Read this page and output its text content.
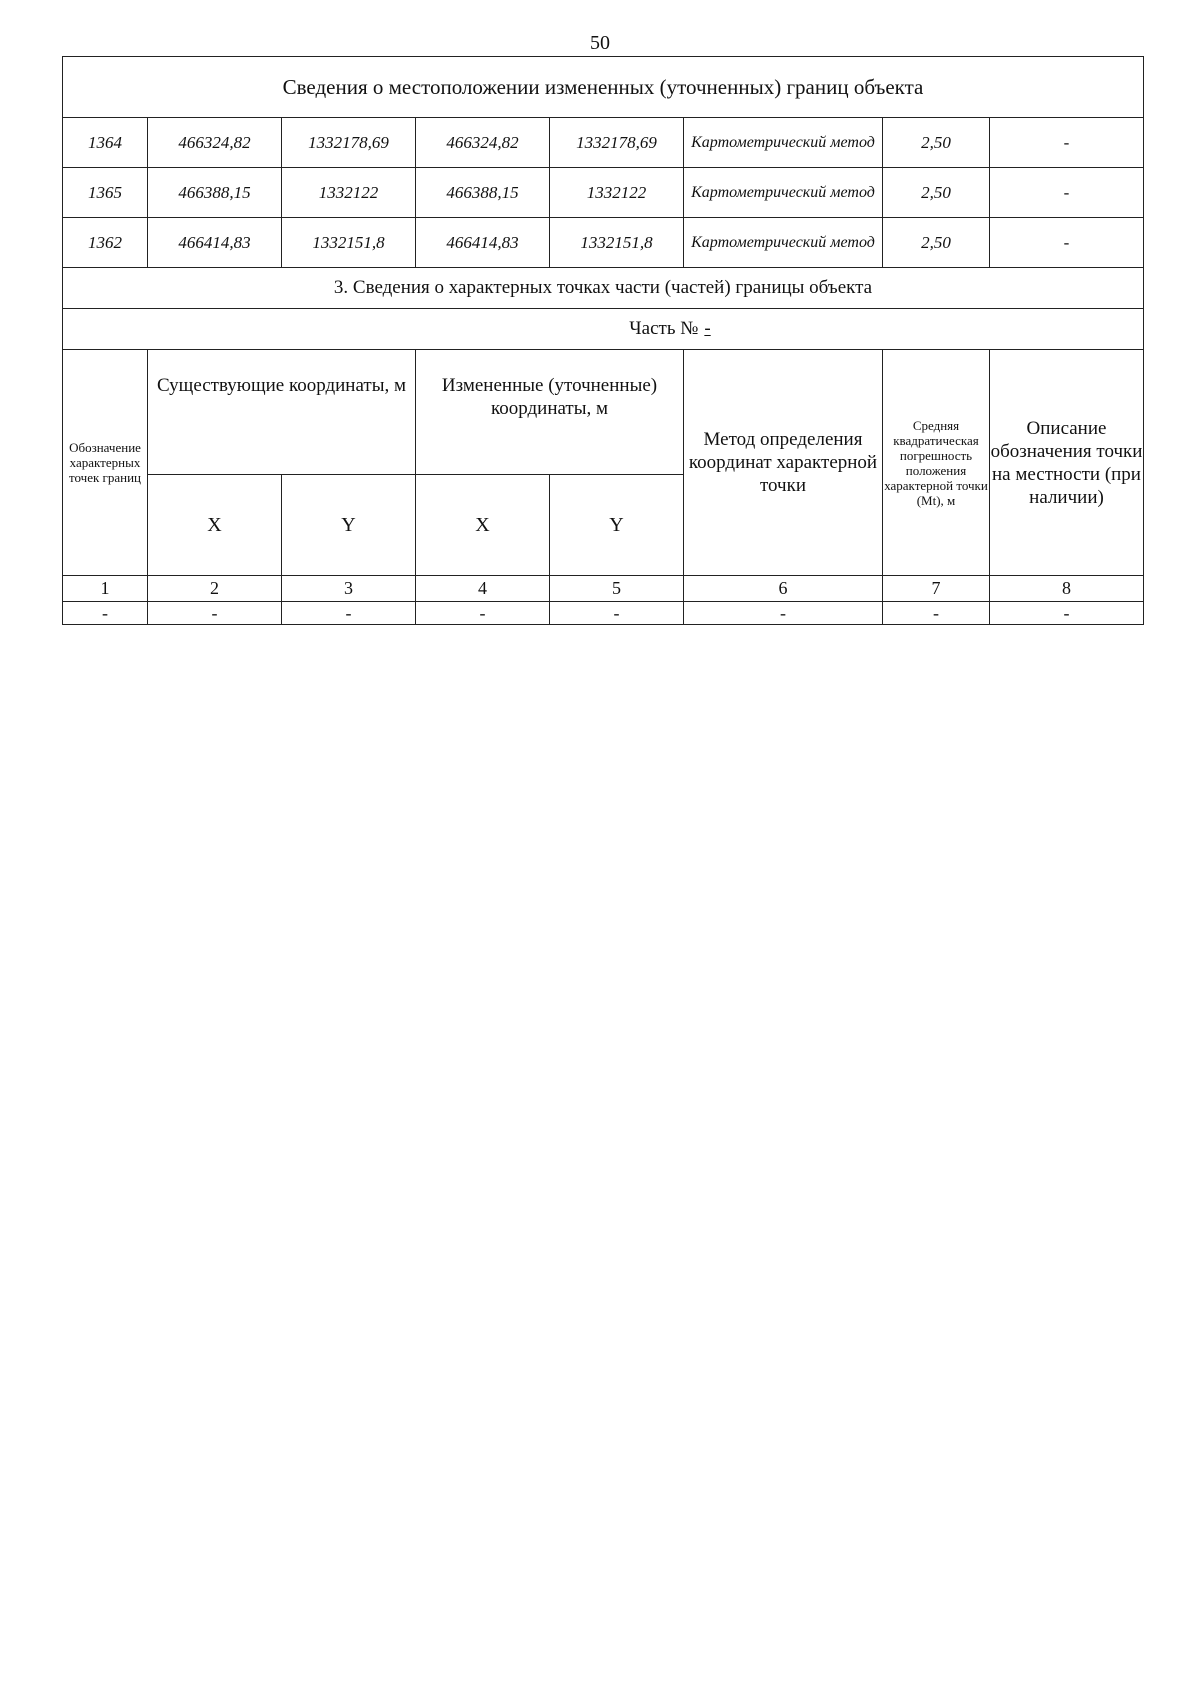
50
Сведения о местоположении измененных (уточненных) границ объекта							
1364	466324,82	1332178,69	466324,82	1332178,69	Картометрический метод	2,50	-
1365	466388,15	1332122	466388,15	1332122	Картометрический метод	2,50	-
1362	466414,83	1332151,8	466414,83	1332151,8	Картометрический метод	2,50	-
3. Сведения о характерных точках части (частей) границы объекта							
Часть № -							
Обозначение характерных точек границ	Существующие координаты, м		Измененные (уточненные) координаты, м		Метод определения координат характерной точки	Средняя квадратическая погрешность положения характерной точки (Mt), м	Описание обозначения точки на местности (при наличии)
	X	Y	X	Y			
1	2	3	4	5	6	7	8
-	-	-	-	-	-	-	-
